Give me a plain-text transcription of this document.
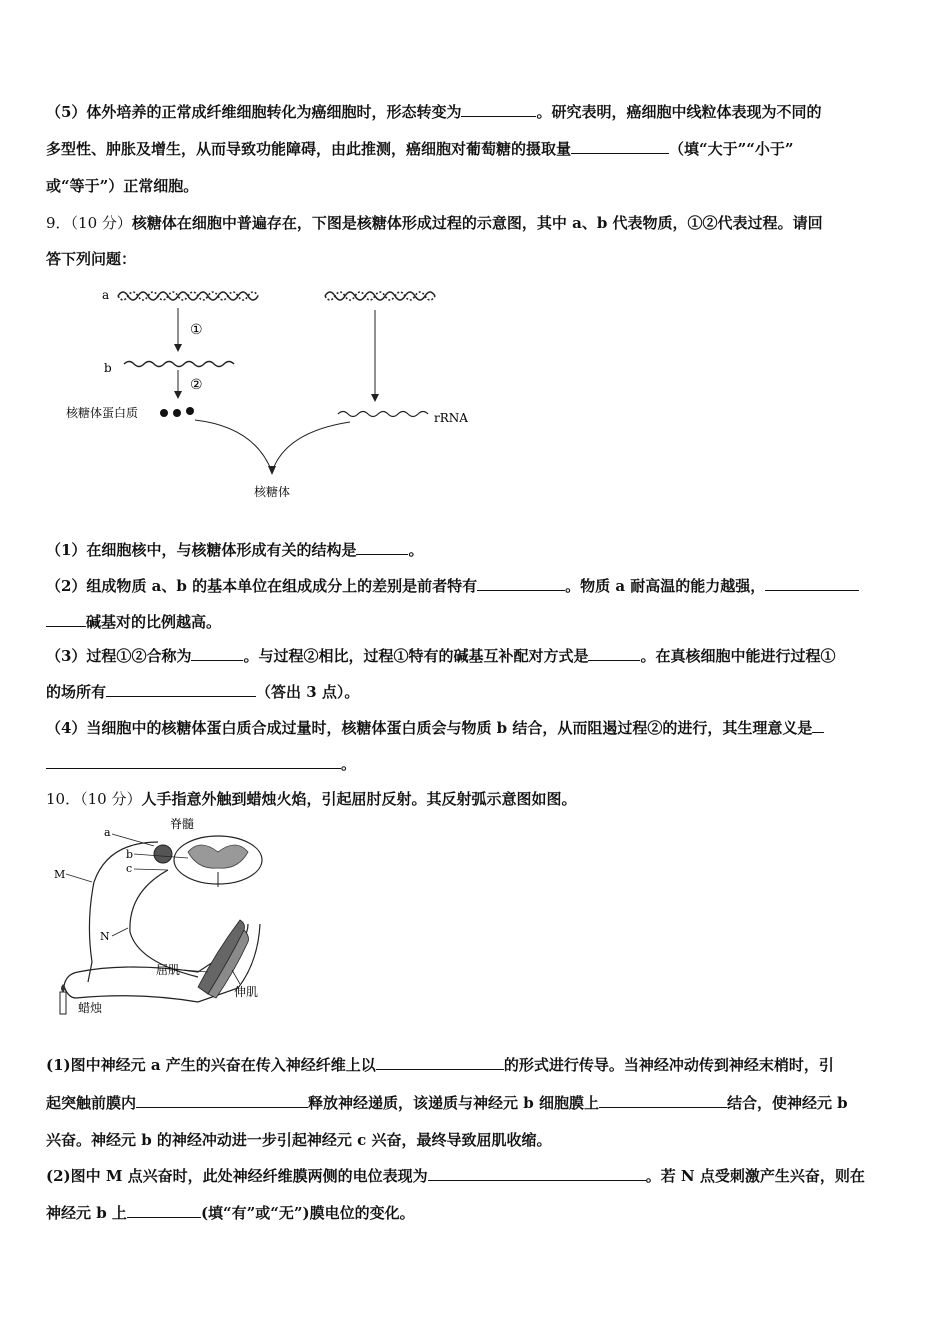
（5）体外培养的正常成纤维细胞转化为癌细胞时，形态转变为	。研究表明，癌细胞中线粒体表现为不同的
多型性、肿胀及增生，从而导致功能障碍，由此推测，癌细胞对葡萄糖的摄取量	（填“大于”“小于”
或“等于”）正常细胞。
9．（10 分）核糖体在细胞中普遍存在，下图是核糖体形成过程的示意图，其中 a、b 代表物质，①②代表过程。请回
答下列问题：
a
①
b
②
核糖体蛋白质	rRNA
核糖体
（1）在细胞核中，与核糖体形成有关的结构是	。
（2）组成物质 a、b 的基本单位在组成成分上的差别是前者特有	。物质 a 耐高温的能力越强，
碱基对的比例越高。
（3）过程①②合称为	。与过程②相比，过程①特有的碱基互补配对方式是	。在真核细胞中能进行过程①
的场所有	（答出 3 点）。
（4）当细胞中的核糖体蛋白质合成过量时，核糖体蛋白质会与物质 b 结合，从而阻遏过程②的进行，其生理意义是
。
10．（10 分）人手指意外触到蜡烛火焰，引起屈肘反射。其反射弧示意图如图。
脊髓
a
b
c
M
N
屈肌
伸肌
蜡烛
(1)图中神经元 a 产生的兴奋在传入神经纤维上以	的形式进行传导。当神经冲动传到神经末梢时，引
起突触前膜内	释放神经递质，该递质与神经元 b 细胞膜上	结合，使神经元 b
兴奋。神经元 b 的神经冲动进一步引起神经元 c 兴奋，最终导致屈肌收缩。
(2)图中 M 点兴奋时，此处神经纤维膜两侧的电位表现为	。若 N 点受刺激产生兴奋，则在
神经元 b 上	(填“有”或“无”)膜电位的变化。
